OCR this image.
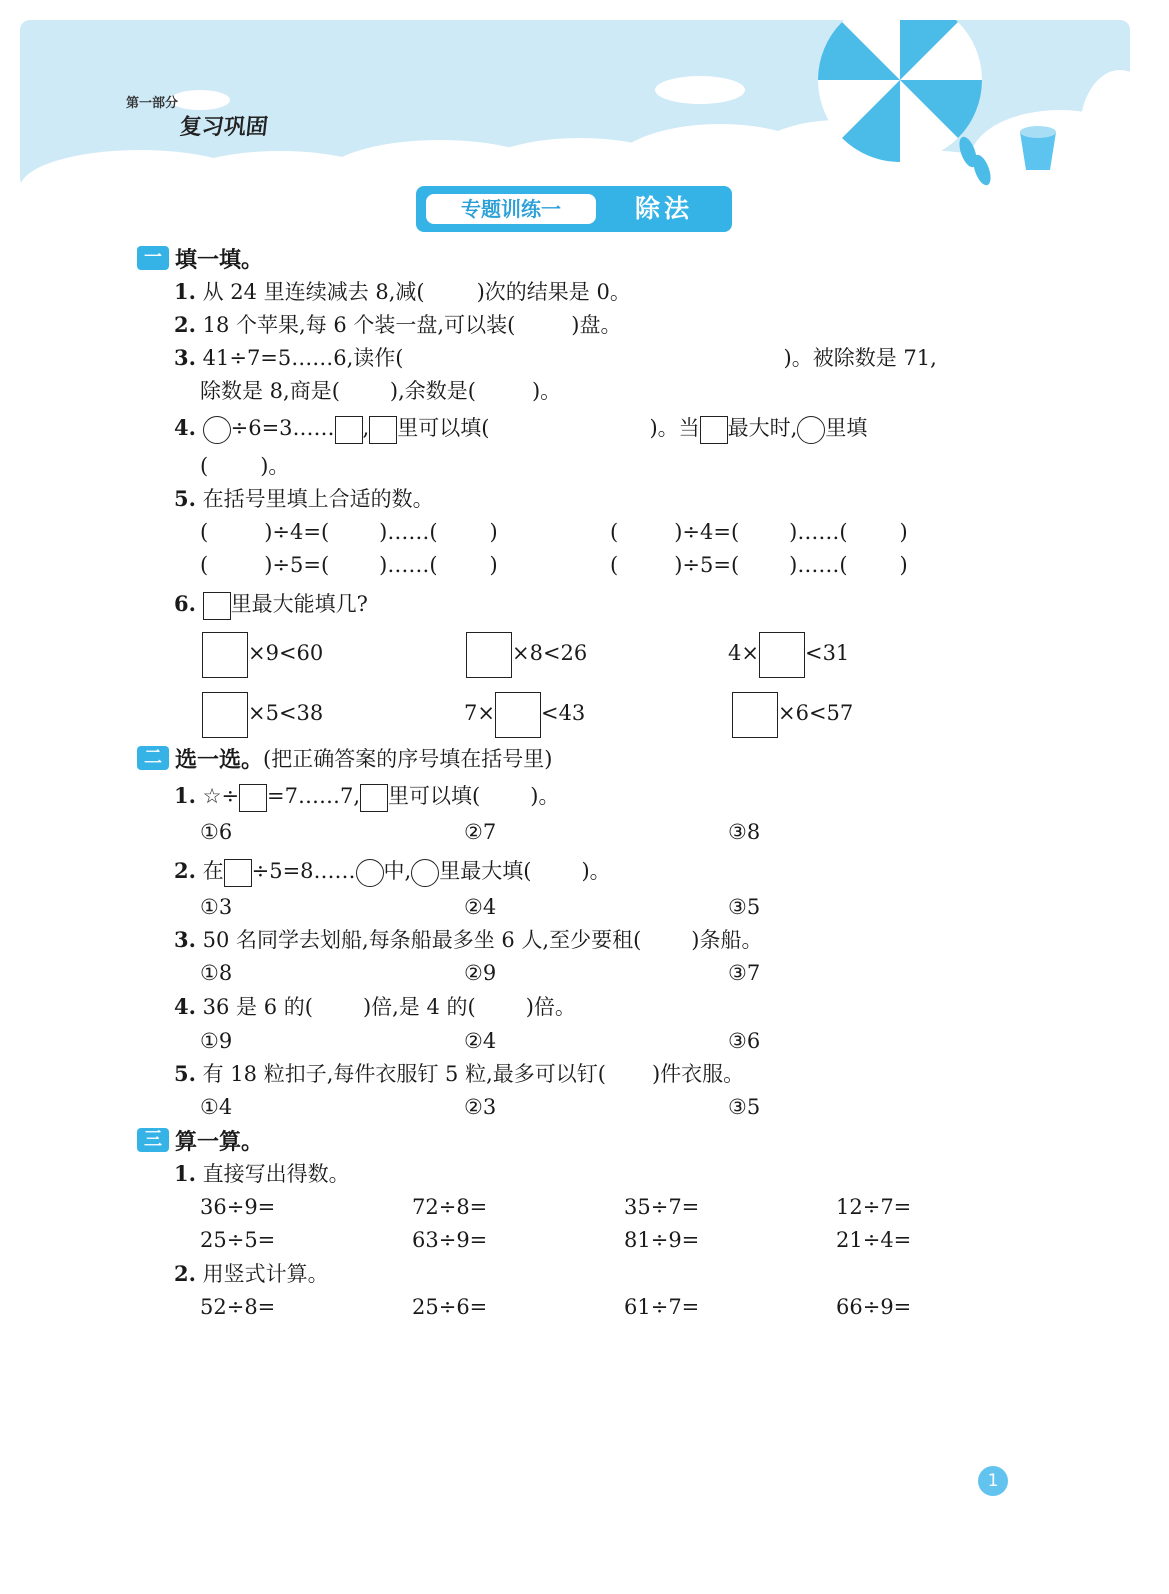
第一部分
复习巩固
专题训练一	除法
一 填一填。
1. 从 24 里连续减去 8,减( )次的结果是 0。
2. 18 个苹果,每 6 个装一盘,可以装(	)盘。
3. 41÷7=5……6,读作(	)。被除数是 71,
除数是 8,商是( ),余数是(	)。
4. ÷6=3…… , 里可以填(	)。当 最大时, 里填
( )。
5. 在括号里填上合适的数。
(	)÷4=( )……( )	(	)÷4=( )……( )
(	)÷5=( )……( )	(	)÷5=( )……( )
6. 里最大能填几?
×9<60	×8<26	4× <31
×5<38	7× <43	×6<57
二 选一选。 (把正确答案的序号填在括号里)
1. ☆÷ =7……7, 里可以填( )。
①6	②7	③8
2. 在 ÷5=8…… 中, 里最大填( )。
①3	②4	③5
3. 50 名同学去划船,每条船最多坐 6 人,至少要租( )条船。
①8	②9	③7
4. 36 是 6 的( )倍,是 4 的( )倍。
①9	②4	③6
5. 有 18 粒扣子,每件衣服钉 5 粒,最多可以钉( )件衣服。
①4	②3	③5
三 算一算。
1. 直接写出得数。
36÷9=	72÷8=	35÷7=	12÷7=
25÷5=	63÷9=	81÷9=	21÷4=
2. 用竖式计算。
52÷8=	25÷6=	61÷7=	66÷9=
1
